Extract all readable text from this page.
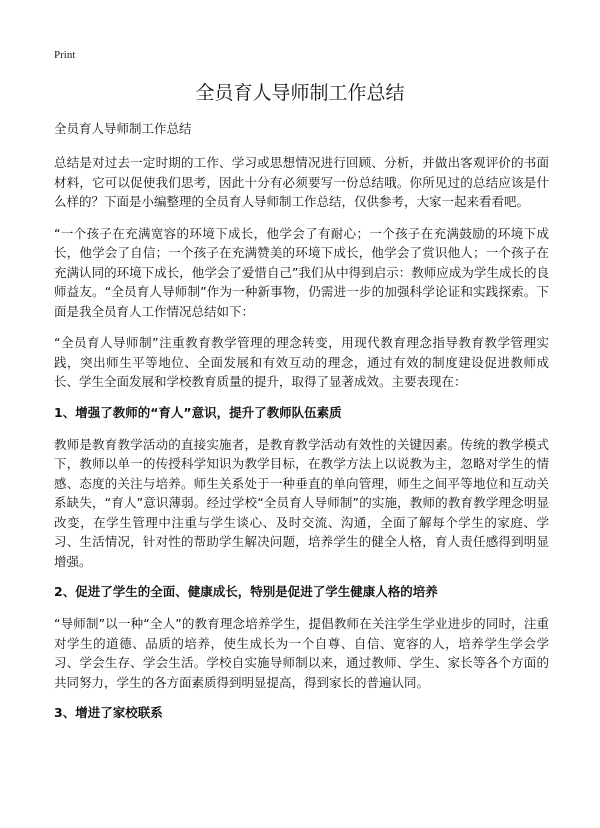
Print
全员育人导师制工作总结
全员育人导师制工作总结

总结是对过去一定时期的工作、学习或思想情况进行回顾、分析，并做出客观评价的书面材料，它可以促使我们思考，因此十分有必须要写一份总结哦。你所见过的总结应该是什么样的？下面是小编整理的全员育人导师制工作总结，仅供参考，大家一起来看看吧。

“一个孩子在充满宽容的环境下成长，他学会了有耐心；一个孩子在充满鼓励的环境下成长，他学会了自信；一个孩子在充满赞美的环境下成长，他学会了赏识他人；一个孩子在充满认同的环境下成长，他学会了爱惜自己”我们从中得到启示：教师应成为学生成长的良师益友。“全员育人导师制”作为一种新事物，仍需进一步的加强科学论证和实践探索。下面是我全员育人工作情况总结如下：

“全员育人导师制”注重教育教学管理的理念转变，用现代教育理念指导教育教学管理实践，突出师生平等地位、全面发展和有效互动的理念，通过有效的制度建设促进教师成长、学生全面发展和学校教育质量的提升，取得了显著成效。主要表现在：

1、增强了教师的“育人”意识，提升了教师队伍素质

教师是教育教学活动的直接实施者，是教育教学活动有效性的关键因素。传统的教学模式下，教师以单一的传授科学知识为教学目标，在教学方法上以说教为主，忽略对学生的情感、态度的关注与培养。师生关系处于一种垂直的单向管理，师生之间平等地位和互动关系缺失，“育人”意识薄弱。经过学校“全员育人导师制”的实施，教师的教育教学理念明显改变，在学生管理中注重与学生谈心、及时交流、沟通，全面了解每个学生的家庭、学习、生活情况，针对性的帮助学生解决问题，培养学生的健全人格，育人责任感得到明显增强。

2、促进了学生的全面、健康成长，特别是促进了学生健康人格的培养

“导师制”以一种“全人”的教育理念培养学生，提倡教师在关注学生学业进步的同时，注重对学生的道德、品质的培养，使生成长为一个自尊、自信、宽容的人，培养学生学会学习、学会生存、学会生活。学校自实施导师制以来，通过教师、学生、家长等各个方面的共同努力，学生的各方面素质得到明显提高，得到家长的普遍认同。

3、增进了家校联系
